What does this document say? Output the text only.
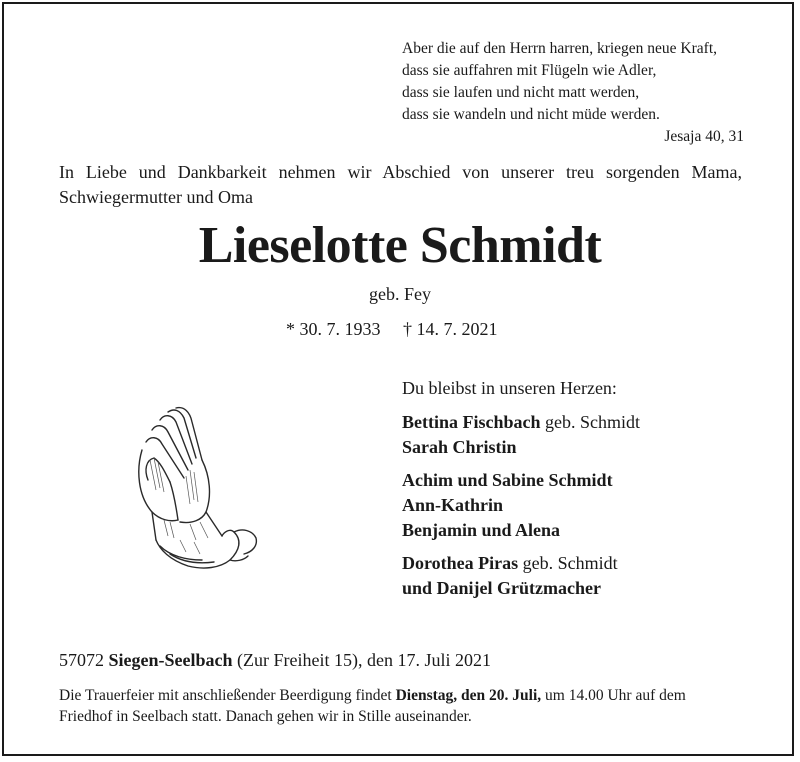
Aber die auf den Herrn harren, kriegen neue Kraft,
dass sie auffahren mit Flügeln wie Adler,
dass sie laufen und nicht matt werden,
dass sie wandeln und nicht müde werden.
Jesaja 40, 31
In Liebe und Dankbarkeit nehmen wir Abschied von unserer treu sorgenden Mama, Schwiegermutter und Oma
Lieselotte Schmidt
geb. Fey
* 30. 7. 1933 † 14. 7. 2021
Du bleibst in unseren Herzen:
Bettina Fischbach geb. Schmidt
Sarah Christin
Achim und Sabine Schmidt
Ann-Kathrin
Benjamin und Alena
Dorothea Piras geb. Schmidt
und Danijel Grützmacher
57072 Siegen-Seelbach (Zur Freiheit 15), den 17. Juli 2021
Die Trauerfeier mit anschließender Beerdigung findet Dienstag, den 20. Juli, um 14.00 Uhr auf dem Friedhof in Seelbach statt. Danach gehen wir in Stille auseinander.
